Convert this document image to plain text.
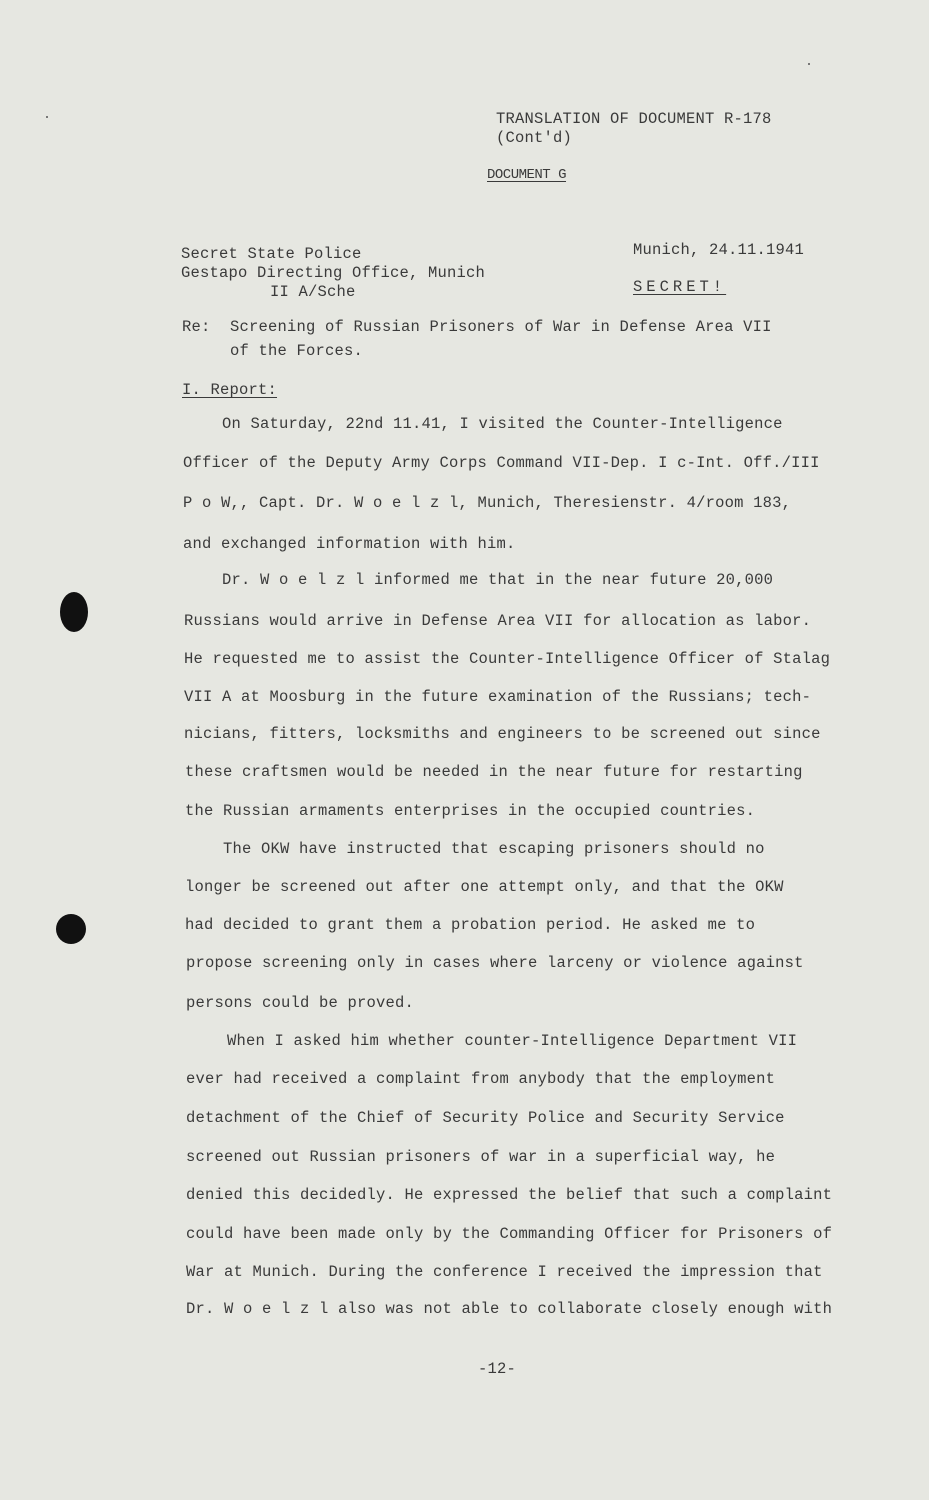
TRANSLATION OF DOCUMENT R-178
(Cont'd)
DOCUMENT G
Secret State Police
Gestapo Directing Office, Munich
II A/Sche
Munich, 24.11.1941
SECRET!
Re: Screening of Russian Prisoners of War in Defense Area VII
of the Forces.
I. Report:
On Saturday, 22nd 11.41, I visited the Counter-Intelligence
Officer of the Deputy Army Corps Command VII-Dep. I c-Int. Off./III
P o W,, Capt. Dr. W o e l z l, Munich, Theresienstr. 4/room 183,
and exchanged information with him.
Dr. W o e l z l informed me that in the near future 20,000
Russians would arrive in Defense Area VII for allocation as labor.
He requested me to assist the Counter-Intelligence Officer of Stalag
VII A at Moosburg in the future examination of the Russians; tech-
nicians, fitters, locksmiths and engineers to be screened out since
these craftsmen would be needed in the near future for restarting
the Russian armaments enterprises in the occupied countries.
The OKW have instructed that escaping prisoners should no
longer be screened out after one attempt only, and that the OKW
had decided to grant them a probation period. He asked me to
propose screening only in cases where larceny or violence against
persons could be proved.
When I asked him whether counter-Intelligence Department VII
ever had received a complaint from anybody that the employment
detachment of the Chief of Security Police and Security Service
screened out Russian prisoners of war in a superficial way, he
denied this decidedly. He expressed the belief that such a complaint
could have been made only by the Commanding Officer for Prisoners of
War at Munich. During the conference I received the impression that
Dr. W o e l z l also was not able to collaborate closely enough with
-12-
